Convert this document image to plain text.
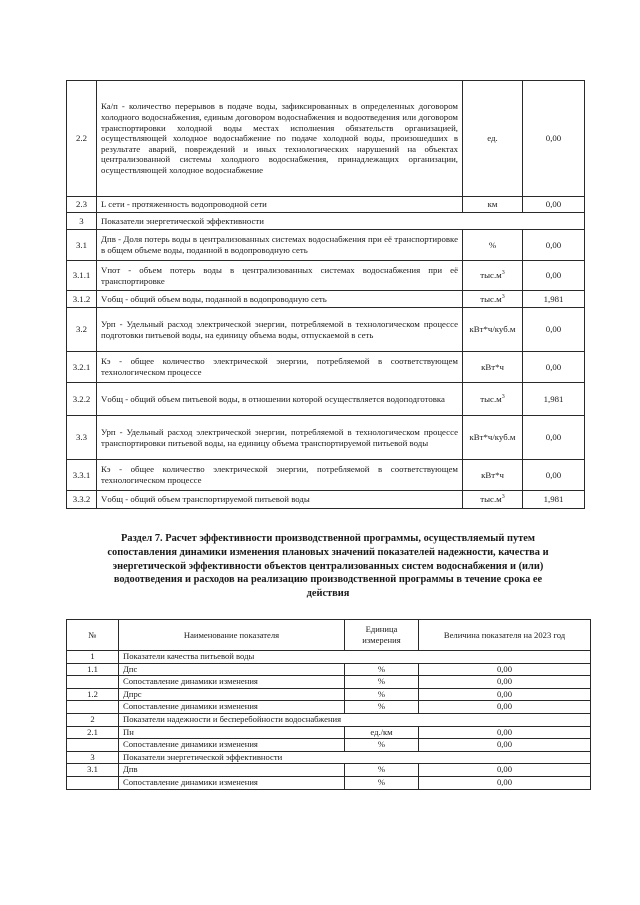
2.2	Ка/п - количество перерывов в подаче воды, зафиксированных в определенных договором холодного водоснабжения, единым договором водоснабжения и водоотведения или договором транспортировки холодной воды местах исполнения обязательств организацией, осуществляющей холодное водоснабжение по подаче холодной воды, произошедших в результате аварий, повреждений и иных технологических нарушений на объектах централизованной системы холодного водоснабжения, принадлежащих организации, осуществляющей холодное водоснабжение	ед.	0,00
2.3	L сети - протяженность водопроводной сети	км	0,00
3	Показатели энергетической эффективности		
3.1	Дпв - Доля потерь воды в централизованных системах водоснабжения при её транспортировке в общем объеме воды, поданной в водопроводную сеть	%	0,00
3.1.1	Vпот - объем потерь воды в централизованных системах водоснабжения при её транспортировке	$тыс.м^3$	0,00
3.1.2	Vобщ - общий объем воды, поданной в водопроводную сеть	$тыс.м^3$	1,981
3.2	Урп - Удельный расход электрической энергии, потребляемой в технологическом процессе подготовки питьевой воды, на единицу объема воды, отпускаемой в сеть	кВт*ч/куб.м	0,00
3.2.1	Кэ - общее количество электрической энергии, потребляемой в соответствующем технологическом процессе	кВт*ч	0,00
3.2.2	Vобщ - общий объем питьевой воды, в отношении которой осуществляется водоподготовка	$тыс.м^3$	1,981
3.3	Урп - Удельный расход электрической энергии, потребляемой в технологическом процессе транспортировки питьевой воды, на единицу объема транспортируемой питьевой воды	кВт*ч/куб.м	0,00
3.3.1	Кэ - общее количество электрической энергии, потребляемой в соответствующем технологическом процессе	кВт*ч	0,00
3.3.2	Vобщ - общий объем транспортируемой питьевой воды	$тыс.м^3$	1,981
Раздел 7. Расчет эффективности производственной программы, осуществляемый путем
сопоставления динамики изменения плановых значений показателей надежности, качества и
энергетической эффективности объектов централизованных систем водоснабжения и (или)
водоотведения и расходов на реализацию производственной программы в течение срока ее
действия
№	Наименование показателя	Единица измерения	Величина показателя на 2023 год
1	Показатели качества питьевой воды		
1.1	Дпс	%	0,00
	Сопоставление динамики изменения	%	0,00
1.2	Дпрс	%	0,00
	Сопоставление динамики изменения	%	0,00
2	Показатели надежности и бесперебойности водоснабжения		
2.1	Пн	ед./км	0,00
	Сопоставление динамики изменения	%	0,00
3	Показатели энергетической эффективности		
3.1	Дпв	%	0,00
	Сопоставление динамики изменения	%	0,00
